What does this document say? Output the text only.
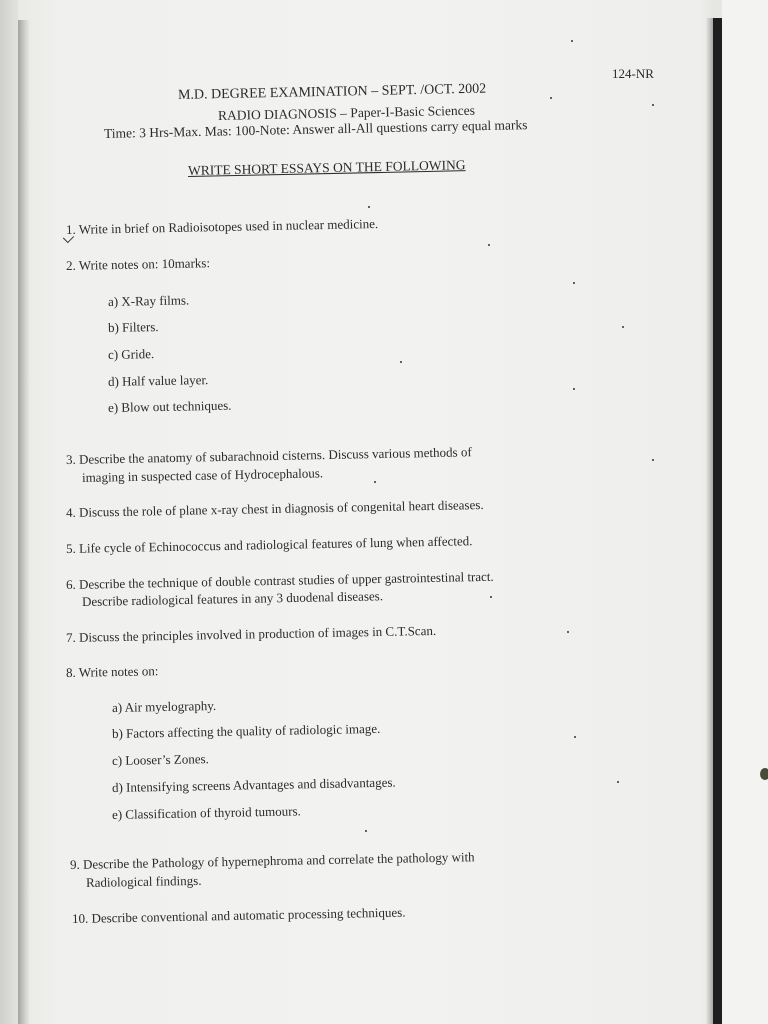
124-NR
M.D. DEGREE EXAMINATION – SEPT. /OCT. 2002
RADIO DIAGNOSIS – Paper-I-Basic Sciences
Time: 3 Hrs-Max. Mas: 100-Note: Answer all-All questions carry equal marks
WRITE SHORT ESSAYS ON THE FOLLOWING
1. Write in brief on Radioisotopes used in nuclear medicine.
2. Write notes on: 10marks:
a) X-Ray films.
b) Filters.
c) Gride.
d) Half value layer.
e) Blow out techniques.
3. Describe the anatomy of subarachnoid cisterns. Discuss various methods of
imaging in suspected case of Hydrocephalous.
4. Discuss the role of plane x-ray chest in diagnosis of congenital heart diseases.
5. Life cycle of Echinococcus and radiological features of lung when affected.
6. Describe the technique of double contrast studies of upper gastrointestinal tract.
Describe radiological features in any 3 duodenal diseases.
7. Discuss the principles involved in production of images in C.T.Scan.
8. Write notes on:
a) Air myelography.
b) Factors affecting the quality of radiologic image.
c) Looser’s Zones.
d) Intensifying screens Advantages and disadvantages.
e) Classification of thyroid tumours.
9. Describe the Pathology of hypernephroma and correlate the pathology with
Radiological findings.
10. Describe conventional and automatic processing techniques.
